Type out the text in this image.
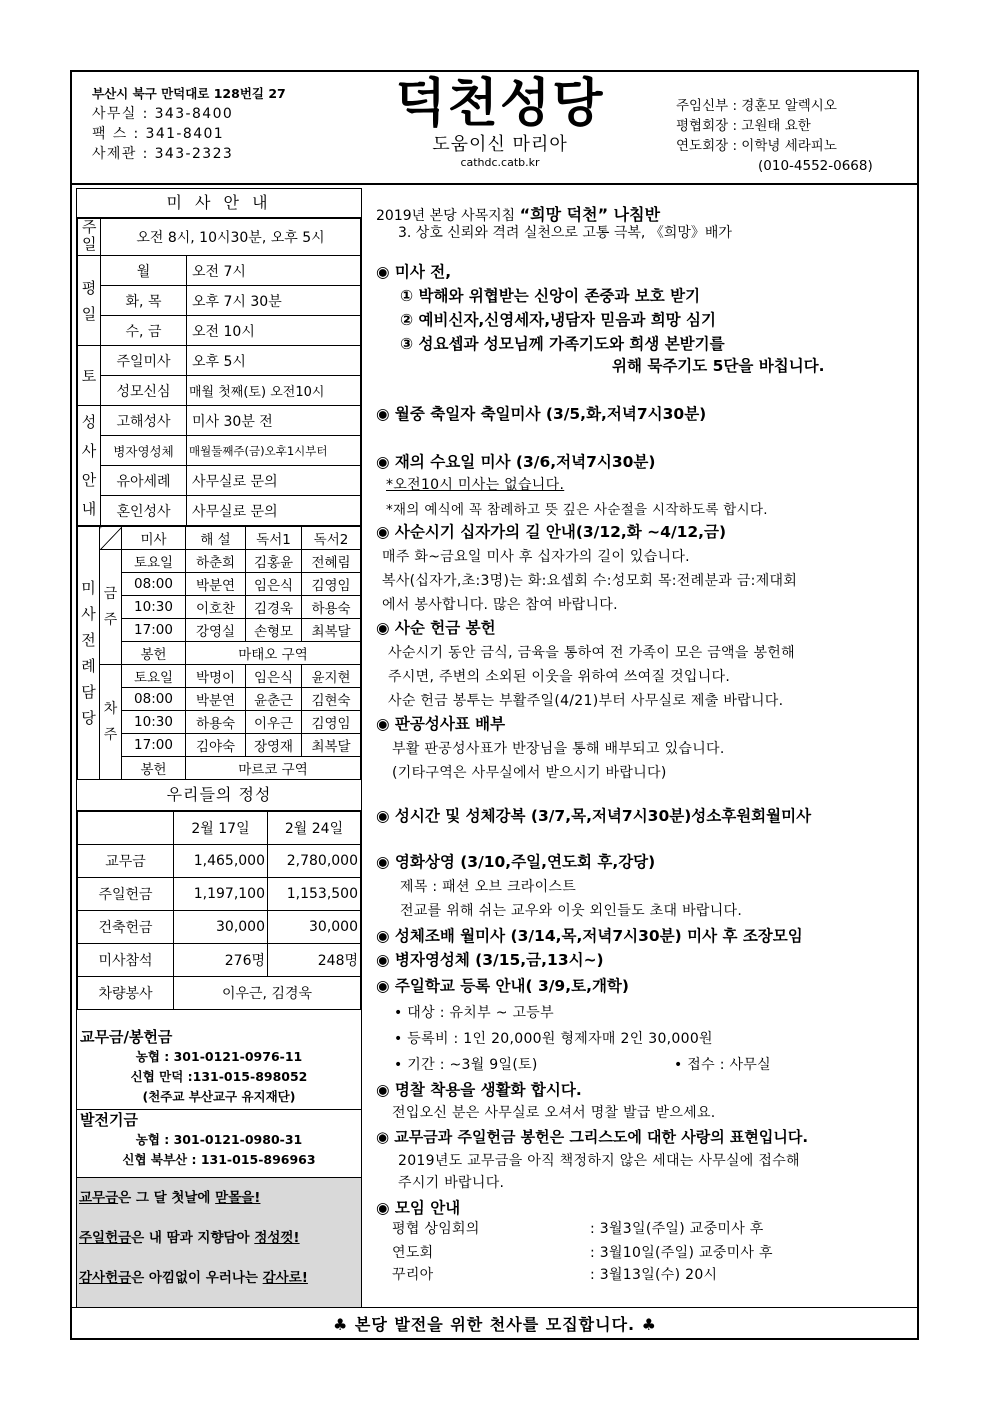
부산시 북구 만덕대로 128번길 27
사무실 : 343-8400
팩 스 : 341-8401
사제관 : 343-2323
덕천성당
도움이신 마리아
cathdc.catb.kr
주임신부 : 경훈모 알렉시오
평협회장 : 고원태 요한
연도회장 : 이학녕 세라피노
(010-4552-0668)
미 사 안 내
주일	오전 8시, 10시30분, 오후 5시	
평일	월	오전 7시
	화, 목	오후 7시 30분
	수, 금	오전 10시
토	주일미사	오후 5시
	성모신심	매월 첫째(토) 오전10시
성사안내	고해성사	미사 30분 전
	병자영성체	매월둘째주(금)오후1시부터
	유아세례	사무실로 문의
	혼인성사	사무실로 문의
미사전례담당		미사	해 설	독서1	독서2
	금주	토요일	하춘희	김홍윤	전혜림
		08:00	박분연	임은식	김영임
		10:30	이호찬	김경욱	하용숙
		17:00	강영실	손형모	최복달
		봉헌	마태오 구역		
	차주	토요일	박명이	임은식	윤지현
		08:00	박분연	윤춘근	김현숙
		10:30	하용숙	이우근	김영임
		17:00	김야숙	장영재	최복달
		봉헌	마르코 구역		
우리들의 정성
	2월 17일	2월 24일
교무금	1,465,000	2,780,000
주일헌금	1,197,100	1,153,500
건축헌금	30,000	30,000
미사참석	276명	248명
차량봉사	이우근, 김경욱	
교무금/봉헌금
농협 : 301-0121-0976-11
신협 만덕 :131-015-898052
(천주교 부산교구 유지재단)
발전기금
농협 : 301-0121-0980-31
신협 북부산 : 131-015-896963
교무금은 그 달 첫날에 맏몰을!
주일헌금은 내 땀과 지향담아 정성껏!
감사헌금은 아낌없이 우러나는 감사로!
2019년 본당 사목지침 “희망 덕천” 나침반
3. 상호 신뢰와 격려 실천으로 고통 극복, 《희망》배가
◉ 미사 전,
① 박해와 위협받는 신앙이 존중과 보호 받기
② 예비신자,신영세자,냉담자 믿음과 희망 심기
③ 성요셉과 성모님께 가족기도와 희생 본받기를
위해 묵주기도 5단을 바칩니다.
◉ 월중 축일자 축일미사 (3/5,화,저녁7시30분)
◉ 재의 수요일 미사 (3/6,저녁7시30분)
*오전10시 미사는 없습니다.
*재의 예식에 꼭 참례하고 뜻 깊은 사순절을 시작하도록 합시다.
◉ 사순시기 십자가의 길 안내(3/12,화 ~4/12,금)
매주 화~금요일 미사 후 십자가의 길이 있습니다.
복사(십자가,초:3명)는 화:요셉회 수:성모회 목:전례분과 금:제대회
에서 봉사합니다. 많은 참여 바랍니다.
◉ 사순 헌금 봉헌
사순시기 동안 금식, 금육을 통하여 전 가족이 모은 금액을 봉헌해
주시면, 주변의 소외된 이웃을 위하여 쓰여질 것입니다.
사순 헌금 봉투는 부활주일(4/21)부터 사무실로 제출 바랍니다.
◉ 판공성사표 배부
부활 판공성사표가 반장님을 통해 배부되고 있습니다.
(기타구역은 사무실에서 받으시기 바랍니다)
◉ 성시간 및 성체강복 (3/7,목,저녁7시30분)성소후원회월미사
◉ 영화상영 (3/10,주일,연도회 후,강당)
제목 : 패션 오브 크라이스트
전교를 위해 쉬는 교우와 이웃 외인들도 초대 바랍니다.
◉ 성체조배 월미사 (3/14,목,저녁7시30분) 미사 후 조장모임
◉ 병자영성체 (3/15,금,13시~)
◉ 주일학교 등록 안내( 3/9,토,개학)
• 대상 : 유치부 ~ 고등부
• 등록비 : 1인 20,000원 형제자매 2인 30,000원
• 기간 : ~3월 9일(토)	• 접수 : 사무실
◉ 명찰 착용을 생활화 합시다.
전입오신 분은 사무실로 오셔서 명찰 발급 받으세요.
◉ 교무금과 주일헌금 봉헌은 그리스도에 대한 사랑의 표현입니다.
2019년도 교무금을 아직 책정하지 않은 세대는 사무실에 접수해
주시기 바랍니다.
◉ 모임 안내
평협 상임회의	: 3월3일(주일) 교중미사 후
연도회	: 3월10일(주일) 교중미사 후
꾸리아	: 3월13일(수) 20시
♣ 본당 발전을 위한 천사를 모집합니다. ♣
